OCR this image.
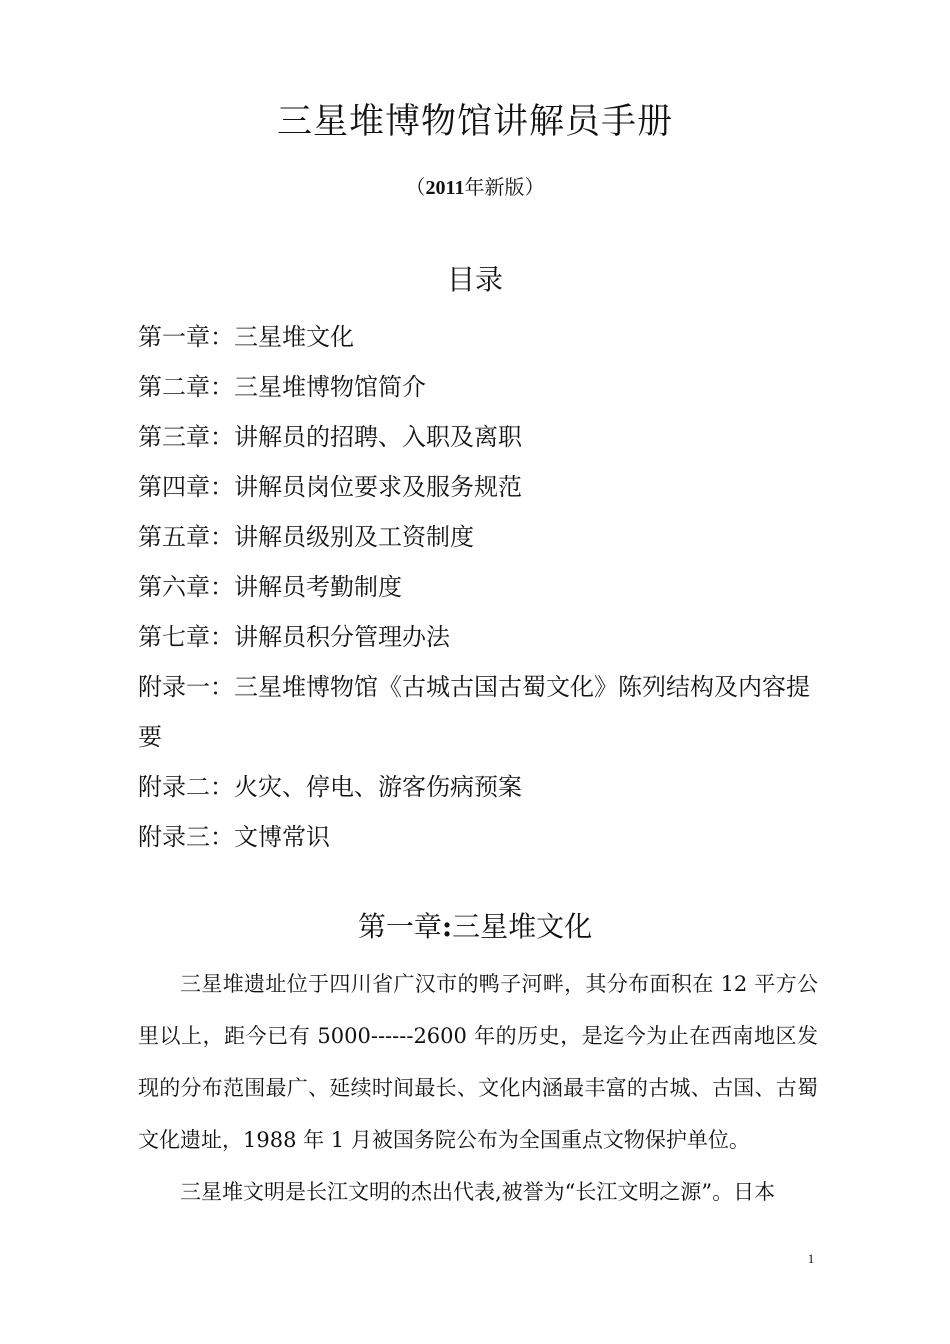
三星堆博物馆讲解员手册
（2011年新版）
目录
第一章：三星堆文化
第二章：三星堆博物馆简介
第三章：讲解员的招聘、入职及离职
第四章：讲解员岗位要求及服务规范
第五章：讲解员级别及工资制度
第六章：讲解员考勤制度
第七章：讲解员积分管理办法
附录一：三星堆博物馆《古城古国古蜀文化》陈列结构及内容提要
附录二：火灾、停电、游客伤病预案
附录三：文博常识
第一章:三星堆文化

三星堆遗址位于四川省广汉市的鸭子河畔，其分布面积在 12 平方公里以上，距今已有 5000------2600 年的历史，是迄今为止在西南地区发现的分布范围最广、延续时间最长、文化内涵最丰富的古城、古国、古蜀文化遗址，1988 年 1 月被国务院公布为全国重点文物保护单位。

三星堆文明是长江文明的杰出代表,被誉为“长江文明之源”。日本

1
